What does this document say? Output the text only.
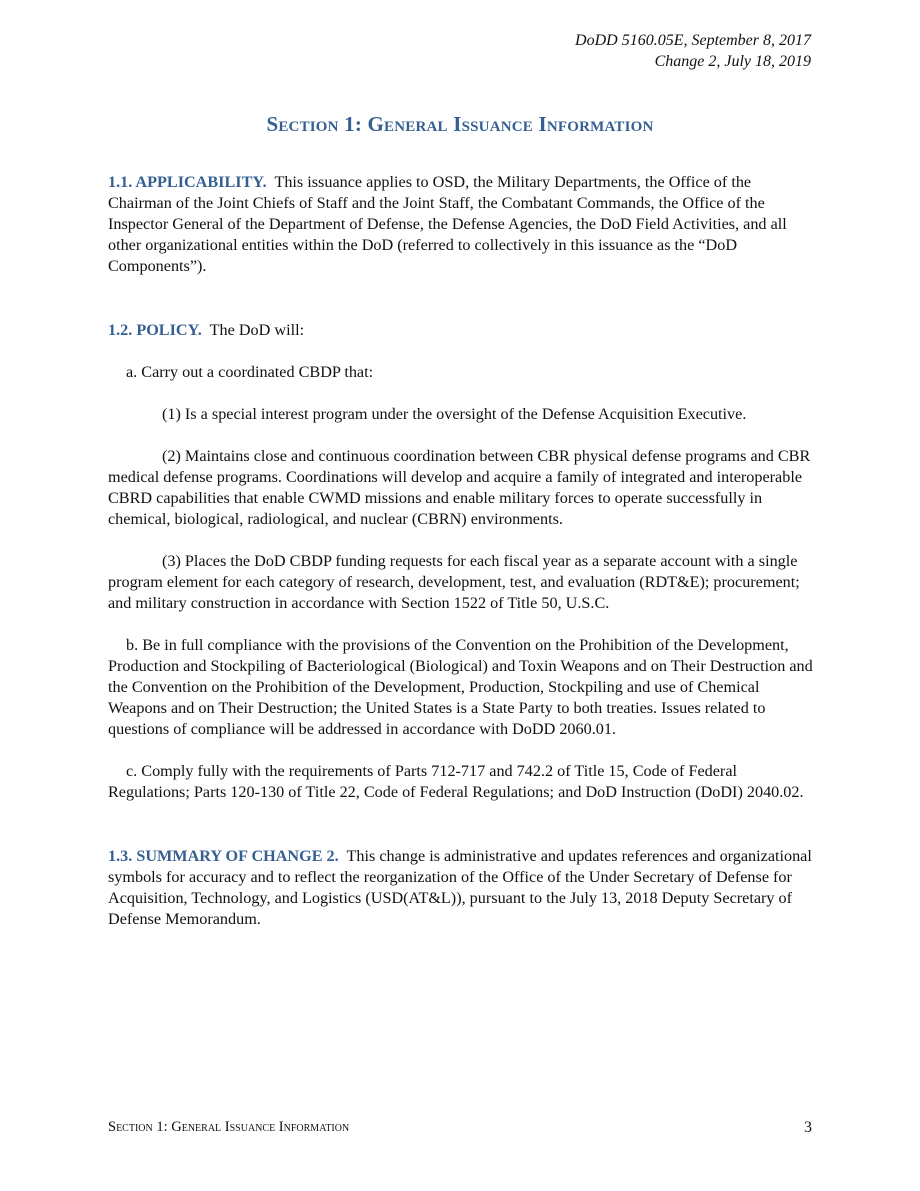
DoDD 5160.05E, September 8, 2017
Change 2, July 18, 2019
Section 1: General Issuance Information

1.1. APPLICABILITY. This issuance applies to OSD, the Military Departments, the Office of the Chairman of the Joint Chiefs of Staff and the Joint Staff, the Combatant Commands, the Office of the Inspector General of the Department of Defense, the Defense Agencies, the DoD Field Activities, and all other organizational entities within the DoD (referred to collectively in this issuance as the “DoD Components”).

1.2. POLICY. The DoD will:

a. Carry out a coordinated CBDP that:

(1) Is a special interest program under the oversight of the Defense Acquisition Executive.

(2) Maintains close and continuous coordination between CBR physical defense programs and CBR medical defense programs. Coordinations will develop and acquire a family of integrated and interoperable CBRD capabilities that enable CWMD missions and enable military forces to operate successfully in chemical, biological, radiological, and nuclear (CBRN) environments.

(3) Places the DoD CBDP funding requests for each fiscal year as a separate account with a single program element for each category of research, development, test, and evaluation (RDT&E); procurement; and military construction in accordance with Section 1522 of Title 50, U.S.C.

b. Be in full compliance with the provisions of the Convention on the Prohibition of the Development, Production and Stockpiling of Bacteriological (Biological) and Toxin Weapons and on Their Destruction and the Convention on the Prohibition of the Development, Production, Stockpiling and use of Chemical Weapons and on Their Destruction; the United States is a State Party to both treaties. Issues related to questions of compliance will be addressed in accordance with DoDD 2060.01.

c. Comply fully with the requirements of Parts 712-717 and 742.2 of Title 15, Code of Federal Regulations; Parts 120-130 of Title 22, Code of Federal Regulations; and DoD Instruction (DoDI) 2040.02.

1.3. SUMMARY OF CHANGE 2. This change is administrative and updates references and organizational symbols for accuracy and to reflect the reorganization of the Office of the Under Secretary of Defense for Acquisition, Technology, and Logistics (USD(AT&L)), pursuant to the July 13, 2018 Deputy Secretary of Defense Memorandum.

Section 1: General Issuance Information	3
